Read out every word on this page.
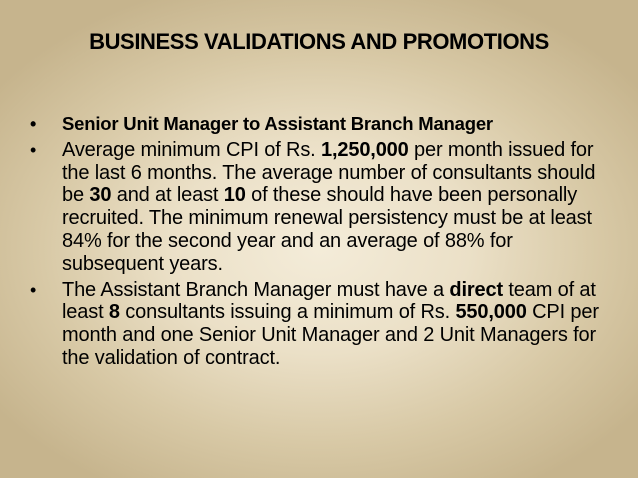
BUSINESS VALIDATIONS AND PROMOTIONS
•	Senior Unit Manager to Assistant Branch Manager
•	Average minimum CPI of Rs. 1,250,000 per month issued for the last 6 months. The average number of consultants should be 30 and at least 10 of these should have been personally recruited. The minimum renewal persistency must be at least 84% for the second year and an average of 88% for subsequent years.
•	The Assistant Branch Manager must have a direct team of at least 8 consultants issuing a minimum of Rs. 550,000 CPI per month and one Senior Unit Manager and 2 Unit Managers for the validation of contract.
